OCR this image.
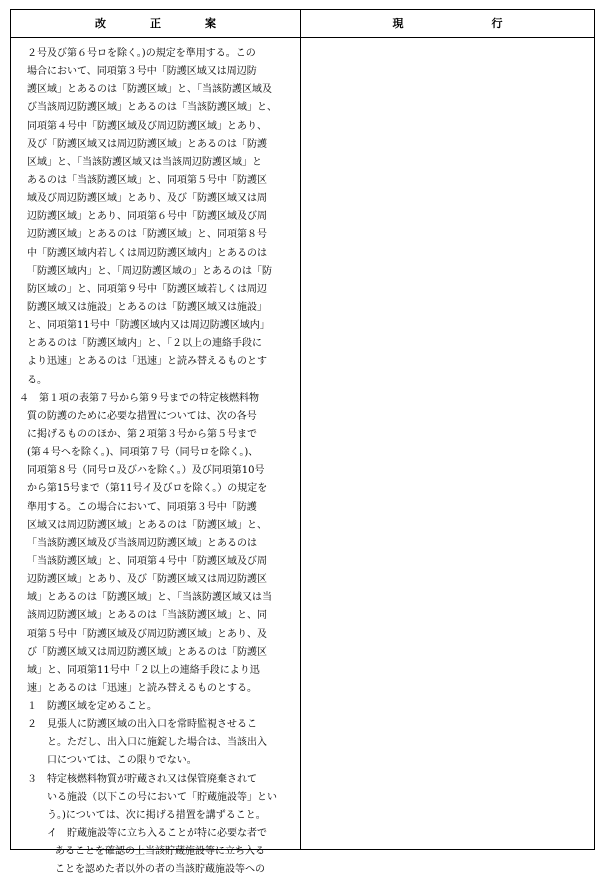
改　　　　正　　　　案	現　　　　　　　　行
２号及び第６号ロを除く。)の規定を準用する。この
場合において、同項第３号中「防護区域又は周辺防
護区域」とあるのは「防護区域」と、「当該防護区域及
び当該周辺防護区域」とあるのは「当該防護区域」と、
同項第４号中「防護区域及び周辺防護区域」とあり、
及び「防護区域又は周辺防護区域」とあるのは「防護
区域」と、「当該防護区域又は当該周辺防護区域」と
あるのは「当該防護区域」と、同項第５号中「防護区
域及び周辺防護区域」とあり、及び「防護区域又は周
辺防護区域」とあり、同項第６号中「防護区域及び周
辺防護区域」とあるのは「防護区域」と、同項第８号
中「防護区域内若しくは周辺防護区域内」とあるのは
「防護区域内」と、「周辺防護区域の」とあるのは「防
防区域の」と、同項第９号中「防護区域若しくは周辺
防護区域又は施設」とあるのは「防護区域又は施設」
と、同項第11号中「防護区域内又は周辺防護区域内」
とあるのは「防護区域内」と、「２以上の連絡手段に
より迅速」とあるのは「迅速」と読み替えるものとす
る。
４　第１項の表第７号から第９号までの特定核燃料物
質の防護のために必要な措置については、次の各号
に掲げるもののほか、第２項第３号から第５号まで
(第４号ヘを除く。)、同項第７号（同号ロを除く。)、
同項第８号（同号ロ及びハを除く。）及び同項第10号
から第15号まで（第11号イ及びロを除く。）の規定を
準用する。この場合において、同項第３号中「防護
区域又は周辺防護区域」とあるのは「防護区域」と、
「当該防護区域及び当該周辺防護区域」とあるのは
「当該防護区域」と、同項第４号中「防護区域及び周
辺防護区域」とあり、及び「防護区域又は周辺防護区
域」とあるのは「防護区域」と、「当該防護区域又は当
該周辺防護区域」とあるのは「当該防護区域」と、同
項第５号中「防護区域及び周辺防護区域」とあり、及
び「防護区域又は周辺防護区域」とあるのは「防護区
域」と、同項第11号中「２以上の連絡手段により迅
速」とあるのは「迅速」と読み替えるものとする。
１　防護区域を定めること。
２　見張人に防護区域の出入口を常時監視させるこ
と。ただし、出入口に施錠した場合は、当該出入
口については、この限りでない。
３　特定核燃料物質が貯蔵され又は保管廃棄されて
いる施設（以下この号において「貯蔵施設等」とい
う。)については、次に掲げる措置を講ずること。
イ　貯蔵施設等に立ち入ることが特に必要な者で
あることを確認の上当該貯蔵施設等に立ち入る
ことを認めた者以外の者の当該貯蔵施設等への
